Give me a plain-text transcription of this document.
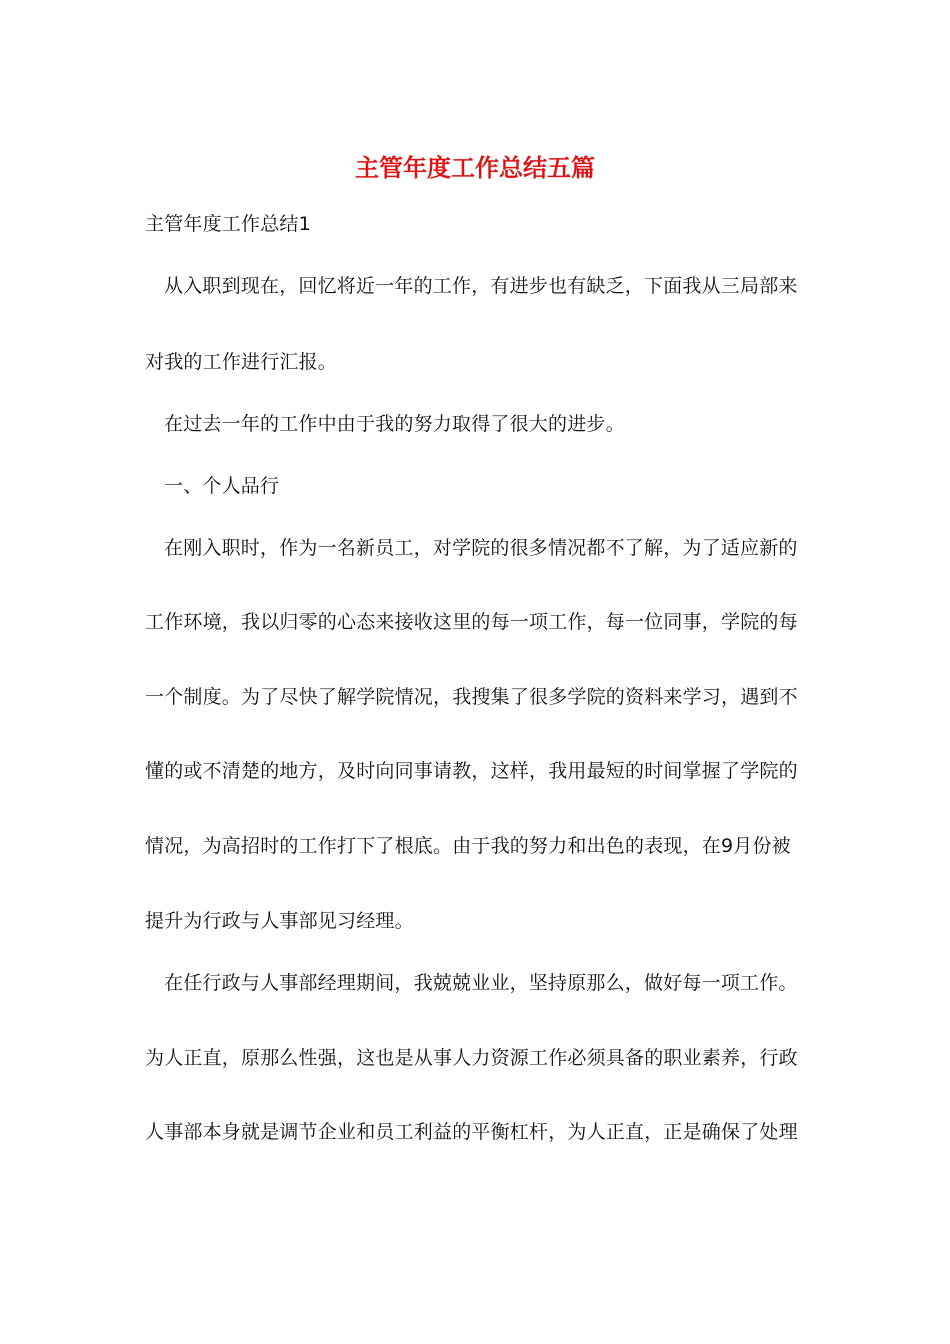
主管年度工作总结五篇
主管年度工作总结1
从入职到现在，回忆将近一年的工作，有进步也有缺乏，下面我从三局部来
对我的工作进行汇报。
在过去一年的工作中由于我的努力取得了很大的进步。
一、个人品行
在刚入职时，作为一名新员工，对学院的很多情况都不了解，为了适应新的
工作环境，我以归零的心态来接收这里的每一项工作，每一位同事，学院的每
一个制度。为了尽快了解学院情况，我搜集了很多学院的资料来学习，遇到不
懂的或不清楚的地方，及时向同事请教，这样，我用最短的时间掌握了学院的
情况，为高招时的工作打下了根底。由于我的努力和出色的表现，在9月份被
提升为行政与人事部见习经理。
在任行政与人事部经理期间，我兢兢业业，坚持原那么，做好每一项工作。
为人正直，原那么性强，这也是从事人力资源工作必须具备的职业素养，行政
人事部本身就是调节企业和员工利益的平衡杠杆，为人正直，正是确保了处理
